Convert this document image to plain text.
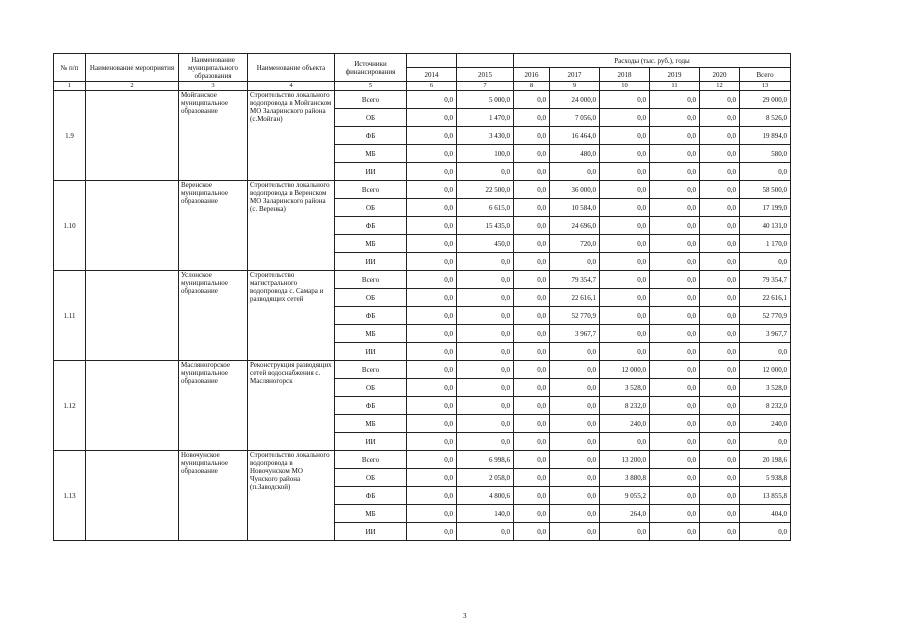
№ п/п	Наименование мероприятия	Наименование муниципального образования	Наименование объекта	Источники финансирования			Расходы (тыс. руб.), годы					
					2014	2015	2016	2017	2018	2019	2020	Всего
1	2	3	4	5	6	7	8	9	10	11	12	13
1.9		Мойганское муниципальное образование	Строительство локального водопровода в Мойганском МО Заларинского района (с.Мойган)	Всего	0,0	5 000,0	0,0	24 000,0	0,0	0,0	0,0	29 000,0
				ОБ	0,0	1 470,0	0,0	7 056,0	0,0	0,0	0,0	8 526,0
				ФБ	0,0	3 430,0	0,0	16 464,0	0,0	0,0	0,0	19 894,0
				МБ	0,0	100,0	0,0	480,0	0,0	0,0	0,0	580,0
				ИИ	0,0	0,0	0,0	0,0	0,0	0,0	0,0	0,0
1.10		Веренское муниципальное образование	Строительство локального водопровода в Веренском МО Заларинского района (с. Веренка)	Всего	0,0	22 500,0	0,0	36 000,0	0,0	0,0	0,0	58 500,0
				ОБ	0,0	6 615,0	0,0	10 584,0	0,0	0,0	0,0	17 199,0
				ФБ	0,0	15 435,0	0,0	24 696,0	0,0	0,0	0,0	40 131,0
				МБ	0,0	450,0	0,0	720,0	0,0	0,0	0,0	1 170,0
				ИИ	0,0	0,0	0,0	0,0	0,0	0,0	0,0	0,0
1.11		Услонское муниципальное образование	Строительство магистрального водопровода с. Самара и разводящих сетей	Всего	0,0	0,0	0,0	79 354,7	0,0	0,0	0,0	79 354,7
				ОБ	0,0	0,0	0,0	22 616,1	0,0	0,0	0,0	22 616,1
				ФБ	0,0	0,0	0,0	52 770,9	0,0	0,0	0,0	52 770,9
				МБ	0,0	0,0	0,0	3 967,7	0,0	0,0	0,0	3 967,7
				ИИ	0,0	0,0	0,0	0,0	0,0	0,0	0,0	0,0
1.12		Масляногорское муниципальное образование	Реконструкция разводящих сетей водоснабжения с. Масляногорск	Всего	0,0	0,0	0,0	0,0	12 000,0	0,0	0,0	12 000,0
				ОБ	0,0	0,0	0,0	0,0	3 528,0	0,0	0,0	3 528,0
				ФБ	0,0	0,0	0,0	0,0	8 232,0	0,0	0,0	8 232,0
				МБ	0,0	0,0	0,0	0,0	240,0	0,0	0,0	240,0
				ИИ	0,0	0,0	0,0	0,0	0,0	0,0	0,0	0,0
1.13		Новочунское муниципальное образование	Строительство локального водопровода в Новочунском МО Чунского района (п.Заводской)	Всего	0,0	6 998,6	0,0	0,0	13 200,0	0,0	0,0	20 198,6
				ОБ	0,0	2 058,0	0,0	0,0	3 880,8	0,0	0,0	5 938,8
				ФБ	0,0	4 800,6	0,0	0,0	9 055,2	0,0	0,0	13 855,8
				МБ	0,0	140,0	0,0	0,0	264,0	0,0	0,0	404,0
				ИИ	0,0	0,0	0,0	0,0	0,0	0,0	0,0	0,0
3
